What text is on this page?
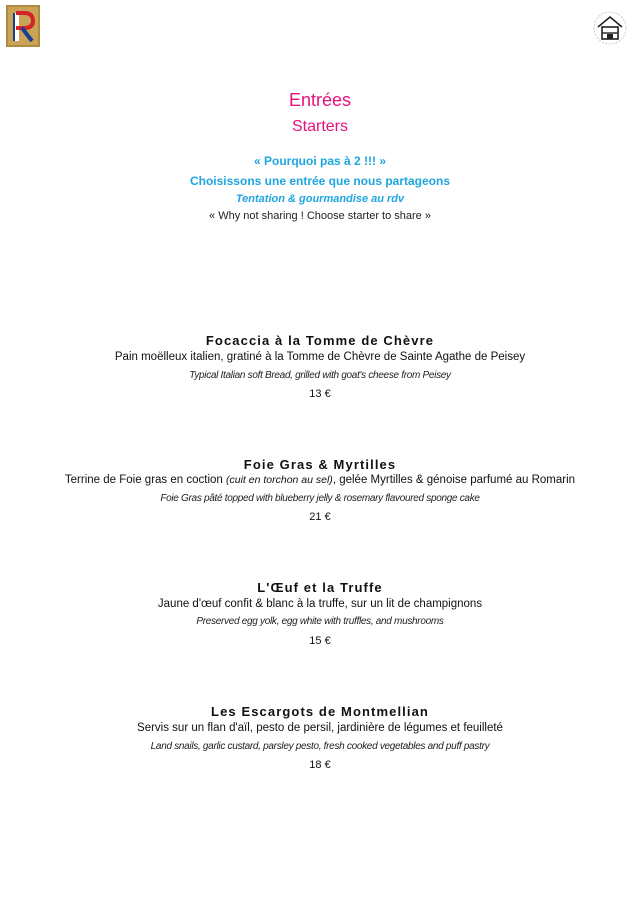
Entrées
Starters
« Pourquoi pas à 2 !!! »
Choisissons une entrée que nous partageons
Tentation & gourmandise au rdv
« Why not sharing ! Choose starter to share »
Focaccia à la Tomme de Chèvre
Pain moëlleux italien, gratiné à la Tomme de Chèvre de Sainte Agathe de Peisey
Typical Italian soft Bread, grilled with goat's cheese from Peisey
13 €
Foie Gras & Myrtilles
Terrine de Foie gras en coction (cuit en torchon au sel), gelée Myrtilles & génoise parfumé au Romarin
Foie Gras pâté topped with blueberry jelly & rosemary flavoured sponge cake
21 €
L'Œuf et la Truffe
Jaune d'œuf confit & blanc à la truffe, sur un lit de champignons
Preserved egg yolk, egg white with truffles, and mushrooms
15 €
Les Escargots de Montmellian
Servis sur un flan d'aïl, pesto de persil, jardinière de légumes et feuilleté
Land snails, garlic custard, parsley pesto, fresh cooked vegetables and puff pastry
18 €
